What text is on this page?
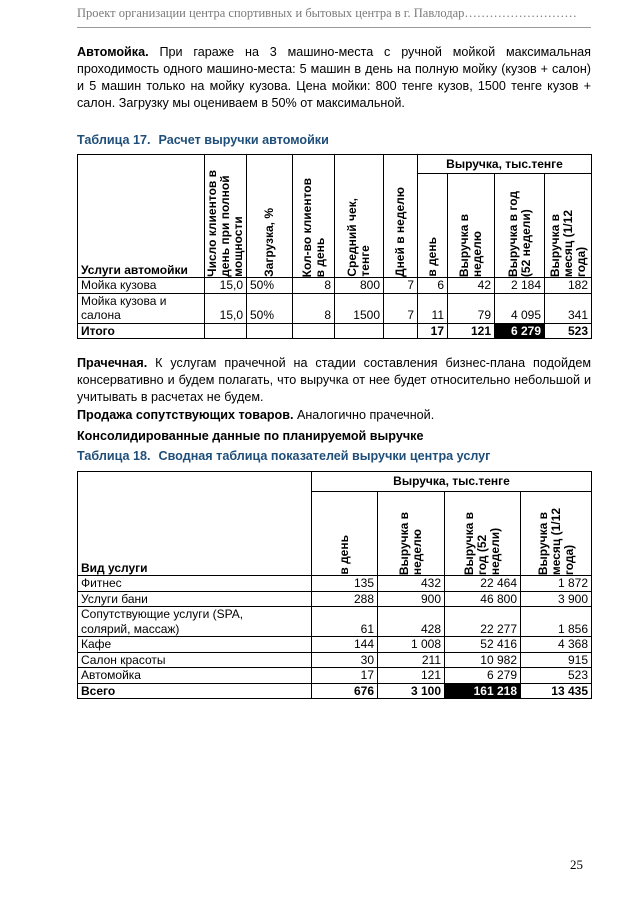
Проект организации центра спортивных и бытовых центра в г. Павлодар………………………
Автомойка. При гараже на 3 машино-места с ручной мойкой максимальная проходимость одного машино-места: 5 машин в день на полную мойку (кузов + салон) и 5 машин только на мойку кузова. Цена мойки: 800 тенге кузов, 1500 тенге кузов + салон. Загрузку мы оцениваем в 50% от максимальной.
Таблица 17. Расчет выручки автомойки
Услуги автомойки	Число клиентов в
день при полной
мощности	Загрузка, %	Кол-во клиентов
в день	Средний чек,
тенге	Дней в неделю	Выручка, тыс.тенге			

						в день	Выручка в
неделю	Выручка в год
(52 недели)	Выручка в
месяц (1/12
года)

Мойка кузова	15,0	50%	8	800	7	6	42	2 184	182
Мойка кузова и
салона	15,0	50%	8	1500	7	11	79	4 095	341
Итого						17	121	6 279	523
Прачечная. К услугам прачечной на стадии составления бизнес-плана подойдем консервативно и будем полагать, что выручка от нее будет относительно небольшой и учитывать в расчетах не будем.
Продажа сопутствующих товаров. Аналогично прачечной.
Консолидированные данные по планируемой выручке
Таблица 18. Сводная таблица показателей выручки центра услуг
Вид услуги	Выручка, тыс.тенге			

	в день	Выручка в
неделю	Выручка в
год (52
недели)	Выручка в
месяц (1/12
года)

Фитнес	135	432	22 464	1 872
Услуги бани	288	900	46 800	3 900
Сопутствующие услуги (SPA,
солярий, массаж)	61	428	22 277	1 856
Кафе	144	1 008	52 416	4 368
Салон красоты	30	211	10 982	915
Автомойка	17	121	6 279	523
Всего	676	3 100	161 218	13 435
25
